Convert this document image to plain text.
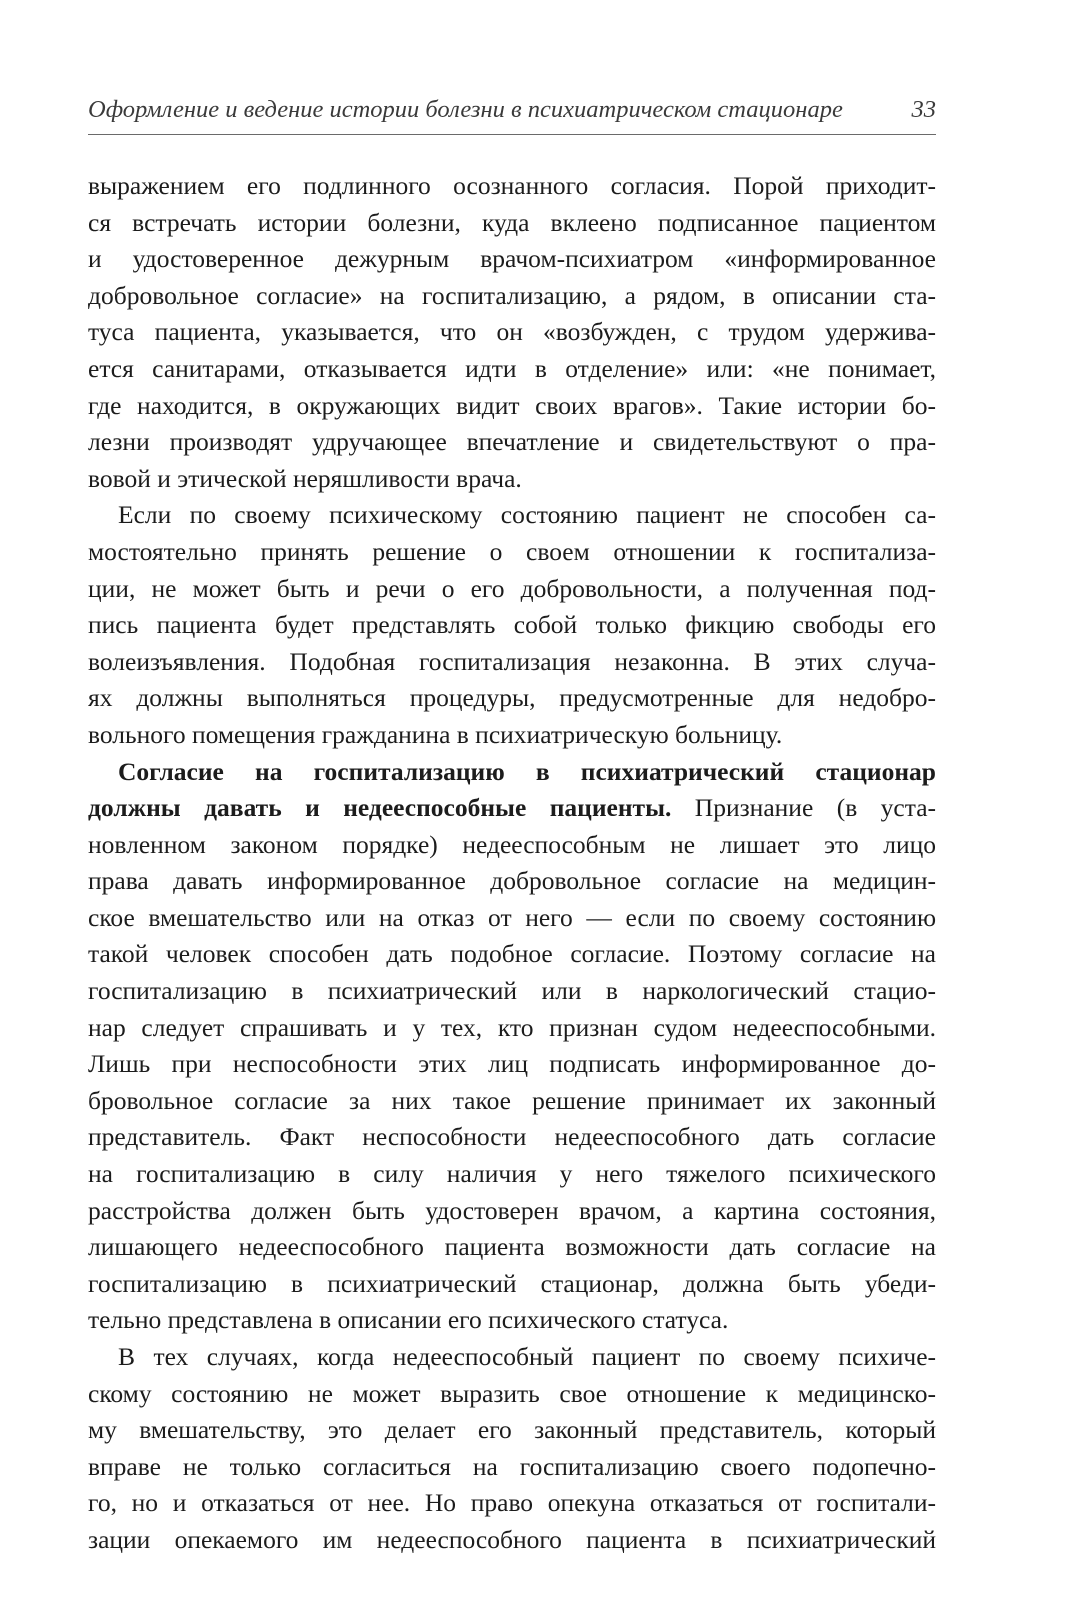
Оформление и ведение истории болезни в психиатрическом стационаре	33
выражением его подлинного осознанного согласия. Порой приходит-
ся встречать истории болезни, куда вклеено подписанное пациентом
и удостоверенное дежурным врачом-психиатром «информированное
добровольное согласие» на госпитализацию, а рядом, в описании ста-
туса пациента, указывается, что он «возбужден, с трудом удержива-
ется санитарами, отказывается идти в отделение» или: «не понимает,
где находится, в окружающих видит своих врагов». Такие истории бо-
лезни производят удручающее впечатление и свидетельствуют о пра-
вовой и этической неряшливости врача.
Если по своему психическому состоянию пациент не способен са-
мостоятельно принять решение о своем отношении к госпитализа-
ции, не может быть и речи о его добровольности, а полученная под-
пись пациента будет представлять собой только фикцию свободы его
волеизъявления. Подобная госпитализация незаконна. В этих случа-
ях должны выполняться процедуры, предусмотренные для недобро-
вольного помещения гражданина в психиатрическую больницу.
Согласие на госпитализацию в психиатрический стационар
должны давать и недееспособные пациенты. Признание (в уста-
новленном законом порядке) недееспособным не лишает это лицо
права давать информированное добровольное согласие на медицин-
ское вмешательство или на отказ от него — если по своему состоянию
такой человек способен дать подобное согласие. Поэтому согласие на
госпитализацию в психиатрический или в наркологический стацио-
нар следует спрашивать и у тех, кто признан судом недееспособными.
Лишь при неспособности этих лиц подписать информированное до-
бровольное согласие за них такое решение принимает их законный
представитель. Факт неспособности недееспособного дать согласие
на госпитализацию в силу наличия у него тяжелого психического
расстройства должен быть удостоверен врачом, а картина состояния,
лишающего недееспособного пациента возможности дать согласие на
госпитализацию в психиатрический стационар, должна быть убеди-
тельно представлена в описании его психического статуса.
В тех случаях, когда недееспособный пациент по своему психиче-
скому состоянию не может выразить свое отношение к медицинско-
му вмешательству, это делает его законный представитель, который
вправе не только согласиться на госпитализацию своего подопечно-
го, но и отказаться от нее. Но право опекуна отказаться от госпитали-
зации опекаемого им недееспособного пациента в психиатрический
